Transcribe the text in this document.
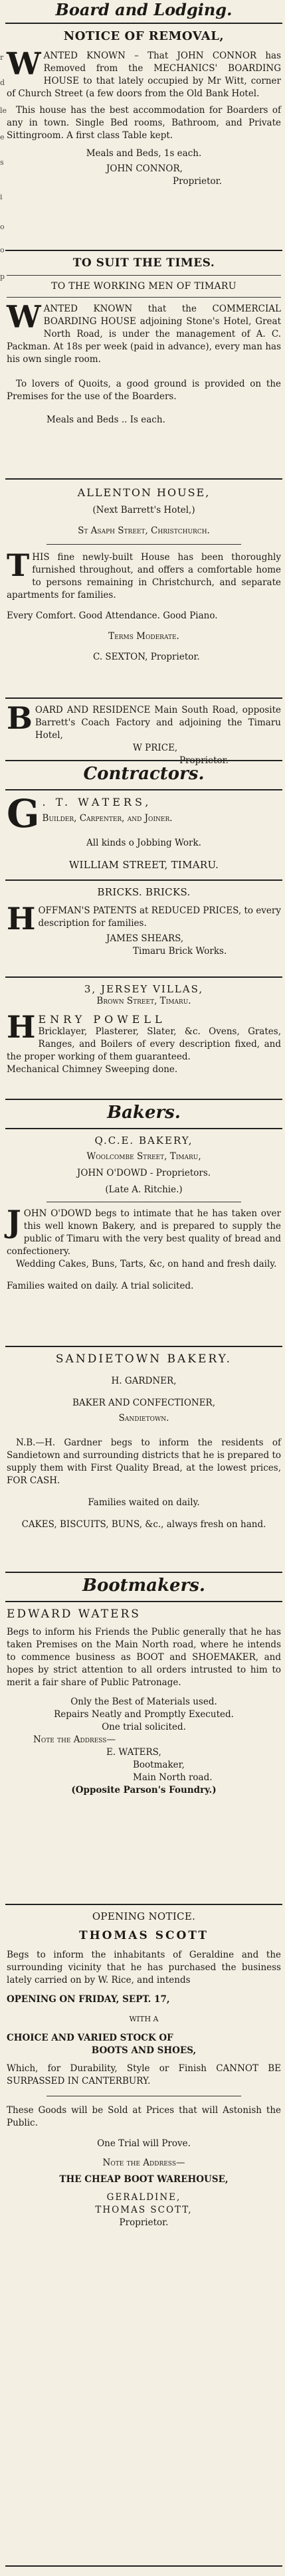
r
d
le
e
s
i
o
o
p
Board and Lodging.

NOTICE OF REMOVAL,

WANTED KNOWN – That JOHN CONNOR has Removed from the MECHANICS' BOARDING HOUSE to that lately occupied by Mr Witt, corner of Church Street (a few doors from the Old Bank Hotel.

This house has the best accommodation for Boarders of any in town. Single Bed rooms, Bathroom, and Private Sittingroom. A first class Table kept.

Meals and Beds, 1s each.

JOHN CONNOR,

Proprietor.

TO SUIT THE TIMES.

TO THE WORKING MEN OF TIMARU

WANTED KNOWN that the COMMERCIAL BOARDING HOUSE adjoining Stone's Hotel, Great North Road, is under the management of A. C. Packman. At 18s per week (paid in advance), every man has his own single room.

To lovers of Quoits, a good ground is provided on the Premises for the use of the Boarders.

Meals and Beds .. Is each.

ALLENTON HOUSE,

(Next Barrett's Hotel,)

St Asaph Street, Christchurch.

THIS fine newly-built House has been thoroughly furnished throughout, and offers a comfortable home to persons remaining in Christchurch, and separate apartments for families.

Every Comfort. Good Attendance. Good Piano.

Terms Moderate.

C. SEXTON, Proprietor.

BOARD AND RESIDENCE Main South Road, opposite Barrett's Coach Factory and adjoining the Timaru Hotel,

W PRICE,

Proprietor.

Contractors.

G . T. WATERS,

Builder, Carpenter, and Joiner.

All kinds o Jobbing Work.

WILLIAM STREET, TIMARU.

BRICKS. BRICKS.

HOFFMAN'S PATENTS at REDUCED PRICES, to every description for families.

JAMES SHEARS,

Timaru Brick Works.

3, JERSEY VILLAS,

Brown Street, Timaru.

HENRY POWELL

Bricklayer, Plasterer, Slater, &c. Ovens, Grates, Ranges, and Boilers of every description fixed, and the proper working of them guaranteed.

Mechanical Chimney Sweeping done.

Bakers.

Q.C.E. BAKERY,

Woolcombe Street, Timaru,

JOHN O'DOWD - Proprietors.

(Late A. Ritchie.)

JOHN O'DOWD begs to intimate that he has taken over this well known Bakery, and is prepared to supply the public of Timaru with the very best quality of bread and confectionery.

Wedding Cakes, Buns, Tarts, &c, on hand and fresh daily.

Families waited on daily. A trial solicited.

SANDIETOWN BAKERY.

H. GARDNER,

BAKER AND CONFECTIONER,

Sandietown.

N.B.—H. Gardner begs to inform the residents of Sandietown and surrounding districts that he is prepared to supply them with First Quality Bread, at the lowest prices, FOR CASH.

Families waited on daily.

CAKES, BISCUITS, BUNS, &c., always fresh on hand.

Bootmakers.

EDWARD WATERS

Begs to inform his Friends the Public generally that he has taken Premises on the Main North road, where he intends to commence business as BOOT and SHOEMAKER, and hopes by strict attention to all orders intrusted to him to merit a fair share of Public Patronage.

Only the Best of Materials used.

Repairs Neatly and Promptly Executed.

One trial solicited.

Note the Address—

E. WATERS,

Bootmaker,

Main North road.

(Opposite Parson's Foundry.)

OPENING NOTICE.

THOMAS SCOTT

Begs to inform the inhabitants of Geraldine and the surrounding vicinity that he has purchased the business lately carried on by W. Rice, and intends

OPENING ON FRIDAY, SEPT. 17,

WITH A

CHOICE AND VARIED STOCK OF

BOOTS AND SHOES,

Which, for Durability, Style or Finish CANNOT BE SURPASSED IN CANTERBURY.

These Goods will be Sold at Prices that will Astonish the Public.

One Trial will Prove.

Note the Address—

THE CHEAP BOOT WAREHOUSE,

GERALDINE,

THOMAS SCOTT,

Proprietor.
